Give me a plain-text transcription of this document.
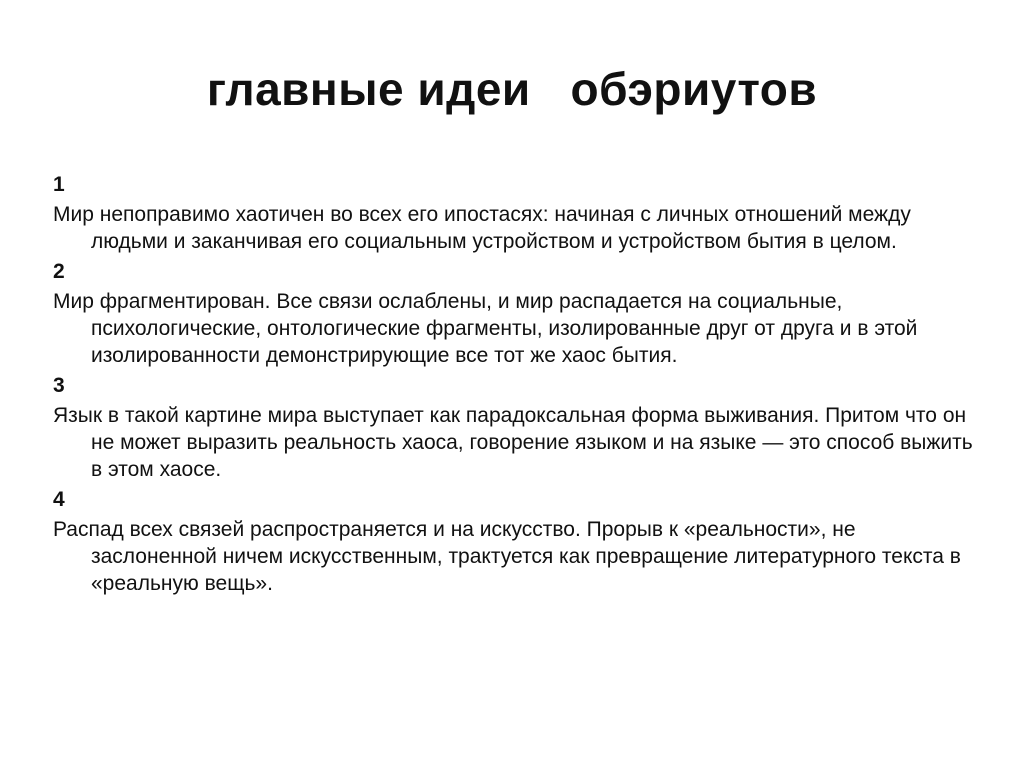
главные идеи   обэриутов
1
Мир непоправимо хаотичен во всех его ипостасях: начиная с личных отношений между людьми и заканчивая его социальным устройством и устройством бытия в целом.
2
Мир фрагментирован. Все связи ослаблены, и мир распадается на социальные, психологические, онтологические фрагменты, изолированные друг от друга и в этой изолированности демонстрирующие все тот же хаос бытия.
3
Язык в такой картине мира выступает как парадоксальная форма выживания. Притом что он не может выразить реальность хаоса, говорение языком и на языке — это способ выжить в этом хаосе.
4
Распад всех связей распространяется и на искусство. Прорыв к «реальности», не заслоненной ничем искусственным, трактуется как превращение литературного текста в «реальную вещь».
